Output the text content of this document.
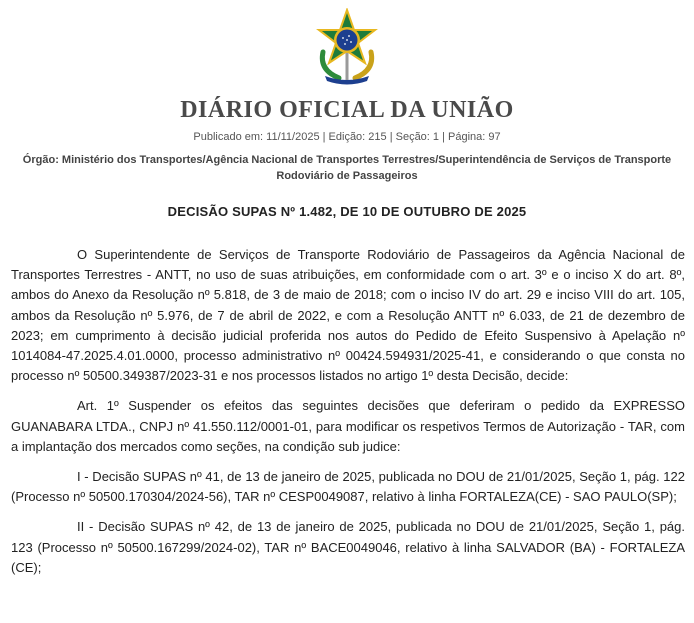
DIÁRIO OFICIAL DA UNIÃO
Publicado em: 11/11/2025 | Edição: 215 | Seção: 1 | Página: 97
Órgão: Ministério dos Transportes/Agência Nacional de Transportes Terrestres/Superintendência de Serviços de Transporte Rodoviário de Passageiros
DECISÃO SUPAS Nº 1.482, DE 10 DE OUTUBRO DE 2025

O Superintendente de Serviços de Transporte Rodoviário de Passageiros da Agência Nacional de Transportes Terrestres - ANTT, no uso de suas atribuições, em conformidade com o art. 3º e o inciso X do art. 8º, ambos do Anexo da Resolução nº 5.818, de 3 de maio de 2018; com o inciso IV do art. 29 e inciso VIII do art. 105, ambos da Resolução nº 5.976, de 7 de abril de 2022, e com a Resolução ANTT nº 6.033, de 21 de dezembro de 2023; em cumprimento à decisão judicial proferida nos autos do Pedido de Efeito Suspensivo à Apelação nº 1014084-47.2025.4.01.0000, processo administrativo nº 00424.594931/2025-41, e considerando o que consta no processo nº 50500.349387/2023-31 e nos processos listados no artigo 1º desta Decisão, decide:

Art. 1º Suspender os efeitos das seguintes decisões que deferiram o pedido da EXPRESSO GUANABARA LTDA., CNPJ nº 41.550.112/0001-01, para modificar os respetivos Termos de Autorização - TAR, com a implantação dos mercados como seções, na condição sub judice:

I - Decisão SUPAS nº 41, de 13 de janeiro de 2025, publicada no DOU de 21/01/2025, Seção 1, pág. 122 (Processo nº 50500.170304/2024-56), TAR nº CESP0049087, relativo à linha FORTALEZA(CE) - SAO PAULO(SP);

II - Decisão SUPAS nº 42, de 13 de janeiro de 2025, publicada no DOU de 21/01/2025, Seção 1, pág. 123 (Processo nº 50500.167299/2024-02), TAR nº BACE0049046, relativo à linha SALVADOR (BA) - FORTALEZA (CE);
